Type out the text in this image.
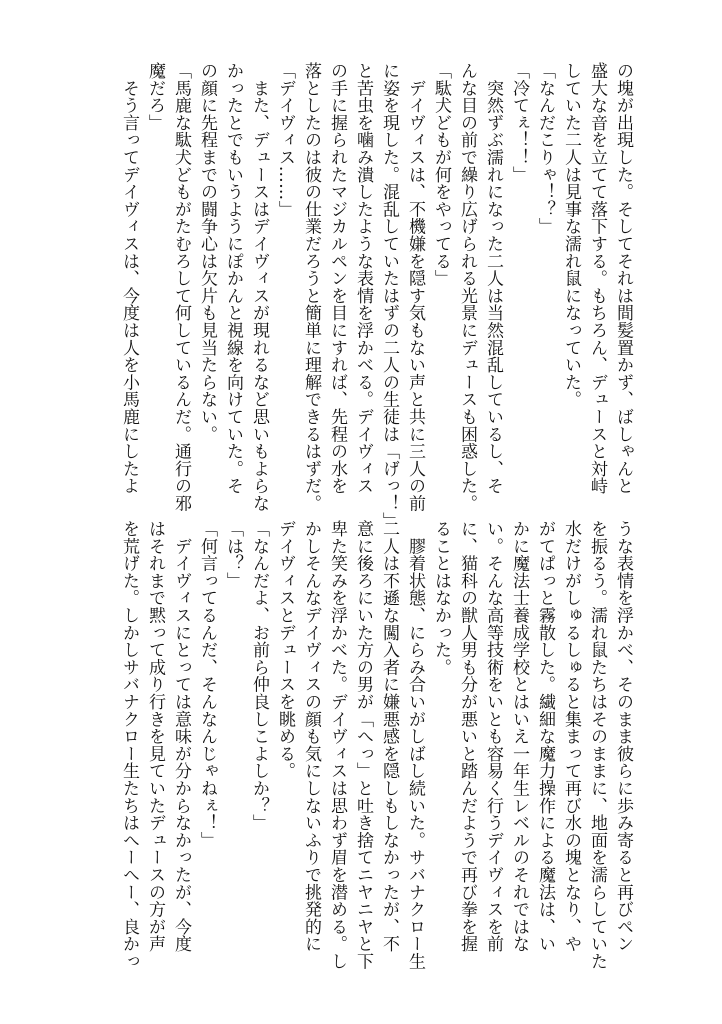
の塊が出現した。そしてそれは間髪置かず、ばしゃんと

盛大な音を立てて落下する。もちろん、デュースと対峙

していた二人は見事な濡れ鼠になっていた。

「なんだこりゃ！？」

「冷てぇ！！」

　突然ずぶ濡れになった二人は当然混乱しているし、そ

んな目の前で繰り広げられる光景にデュースも困惑した。

「駄犬どもが何をやってる」

　デイヴィスは、不機嫌を隠す気もない声と共に三人の前

に姿を現した。混乱していたはずの二人の生徒は「げっ！」

と苦虫を噛み潰したような表情を浮かべる。デイヴィス

の手に握られたマジカルペンを目にすれば、先程の水を

落としたのは彼の仕業だろうと簡単に理解できるはずだ。

「デイヴィス……」

　また、デュースはデイヴィスが現れるなど思いもよらな

かったとでもいうようにぽかんと視線を向けていた。そ

の顔に先程までの闘争心は欠片も見当たらない。

「馬鹿な駄犬どもがたむろして何しているんだ。通行の邪

魔だろ」

　そう言ってデイヴィスは、今度は人を小馬鹿にしたよ

うな表情を浮かべ、そのまま彼らに歩み寄ると再びペン

を振るう。濡れ鼠たちはそのままに、地面を濡らしていた

水だけがしゅるしゅると集まって再び水の塊となり、や

がてぱっと霧散した。繊細な魔力操作による魔法は、い

かに魔法士養成学校とはいえ一年生レベルのそれではな

い。そんな高等技術をいとも容易く行うデイヴィスを前

に、猫科の獣人男も分が悪いと踏んだようで再び拳を握

ることはなかった。

　膠着状態、にらみ合いがしばし続いた。サバナクロー生

二人は不遜な闖入者に嫌悪感を隠しもしなかったが、不

意に後ろにいた方の男が「へっ」と吐き捨てニヤニヤと下

卑た笑みを浮かべた。デイヴィスは思わず眉を潜める。し

かしそんなデイヴィスの顔も気にしないふりで挑発的に

デイヴィスとデュースを眺める。

「なんだよ、お前ら仲良しこよしか？」

「は？」

「何言ってるんだ、そんなんじゃねぇ！」

　デイヴィスにとっては意味が分からなかったが、今度

はそれまで黙って成り行きを見ていたデュースの方が声

を荒げた。しかしサバナクロー生たちはへーへー、良かっ
